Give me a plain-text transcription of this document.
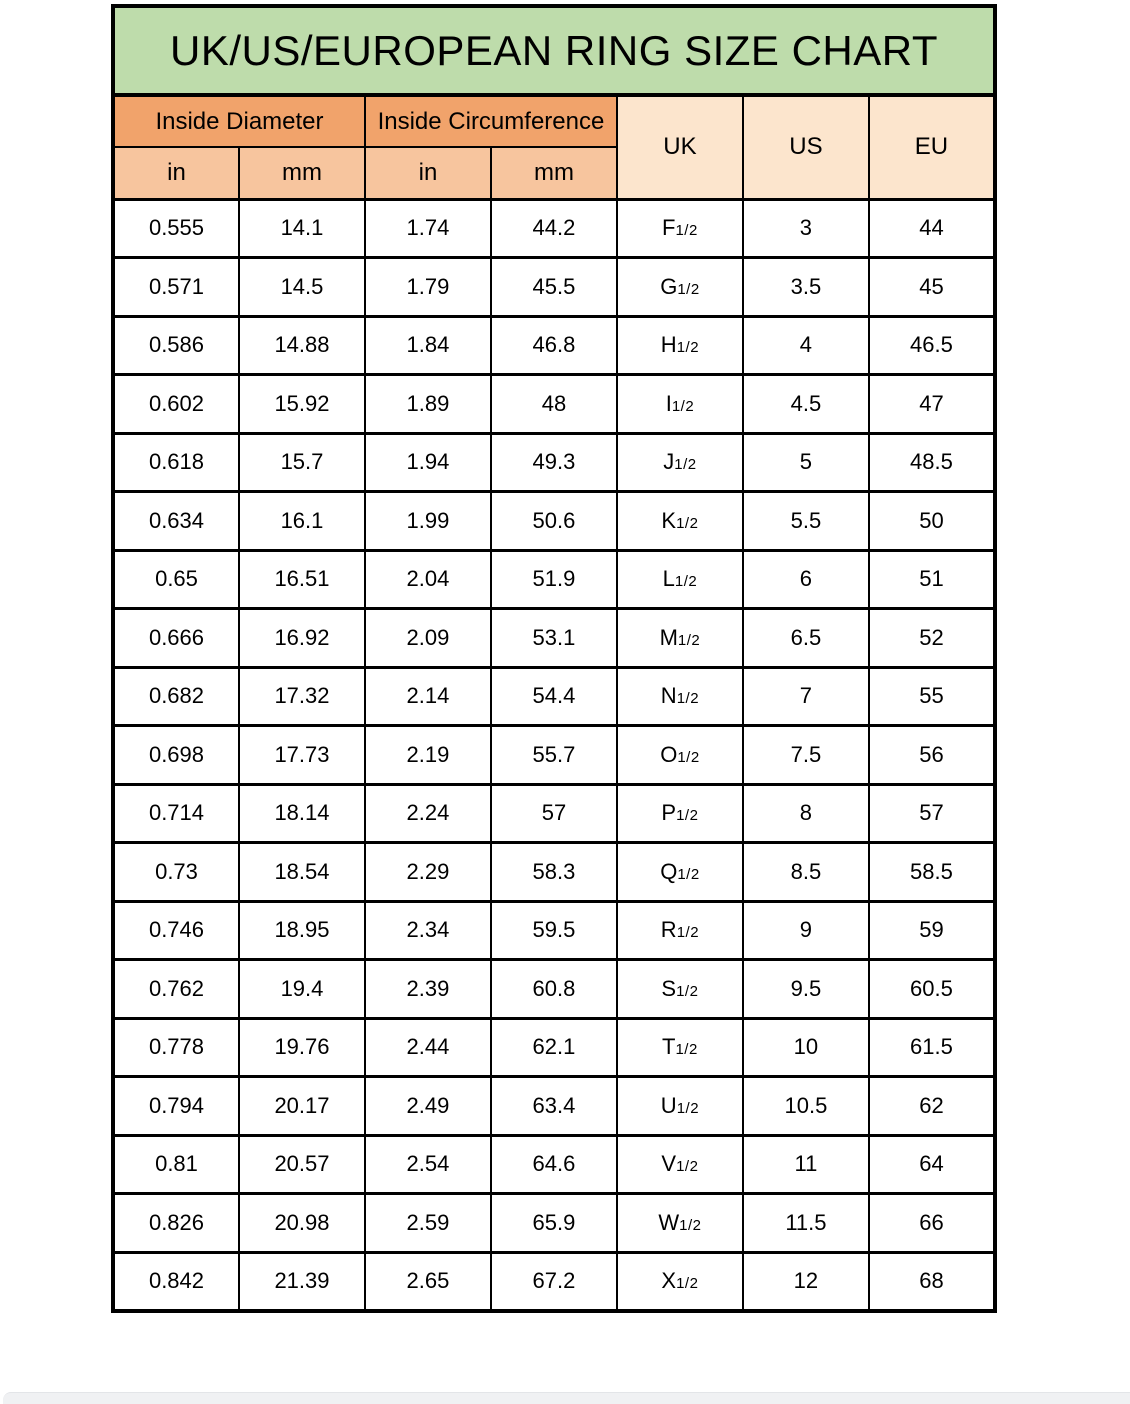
UK/US/EUROPEAN RING SIZE CHART						
Inside Diameter		Inside Circumference		UK	US	EU
in	mm	in	mm			
0.555	14.1	1.74	44.2	F1/2	3	44
0.571	14.5	1.79	45.5	G1/2	3.5	45
0.586	14.88	1.84	46.8	H1/2	4	46.5
0.602	15.92	1.89	48	I1/2	4.5	47
0.618	15.7	1.94	49.3	J1/2	5	48.5
0.634	16.1	1.99	50.6	K1/2	5.5	50
0.65	16.51	2.04	51.9	L1/2	6	51
0.666	16.92	2.09	53.1	M1/2	6.5	52
0.682	17.32	2.14	54.4	N1/2	7	55
0.698	17.73	2.19	55.7	O1/2	7.5	56
0.714	18.14	2.24	57	P1/2	8	57
0.73	18.54	2.29	58.3	Q1/2	8.5	58.5
0.746	18.95	2.34	59.5	R1/2	9	59
0.762	19.4	2.39	60.8	S1/2	9.5	60.5
0.778	19.76	2.44	62.1	T1/2	10	61.5
0.794	20.17	2.49	63.4	U1/2	10.5	62
0.81	20.57	2.54	64.6	V1/2	11	64
0.826	20.98	2.59	65.9	W1/2	11.5	66
0.842	21.39	2.65	67.2	X1/2	12	68
